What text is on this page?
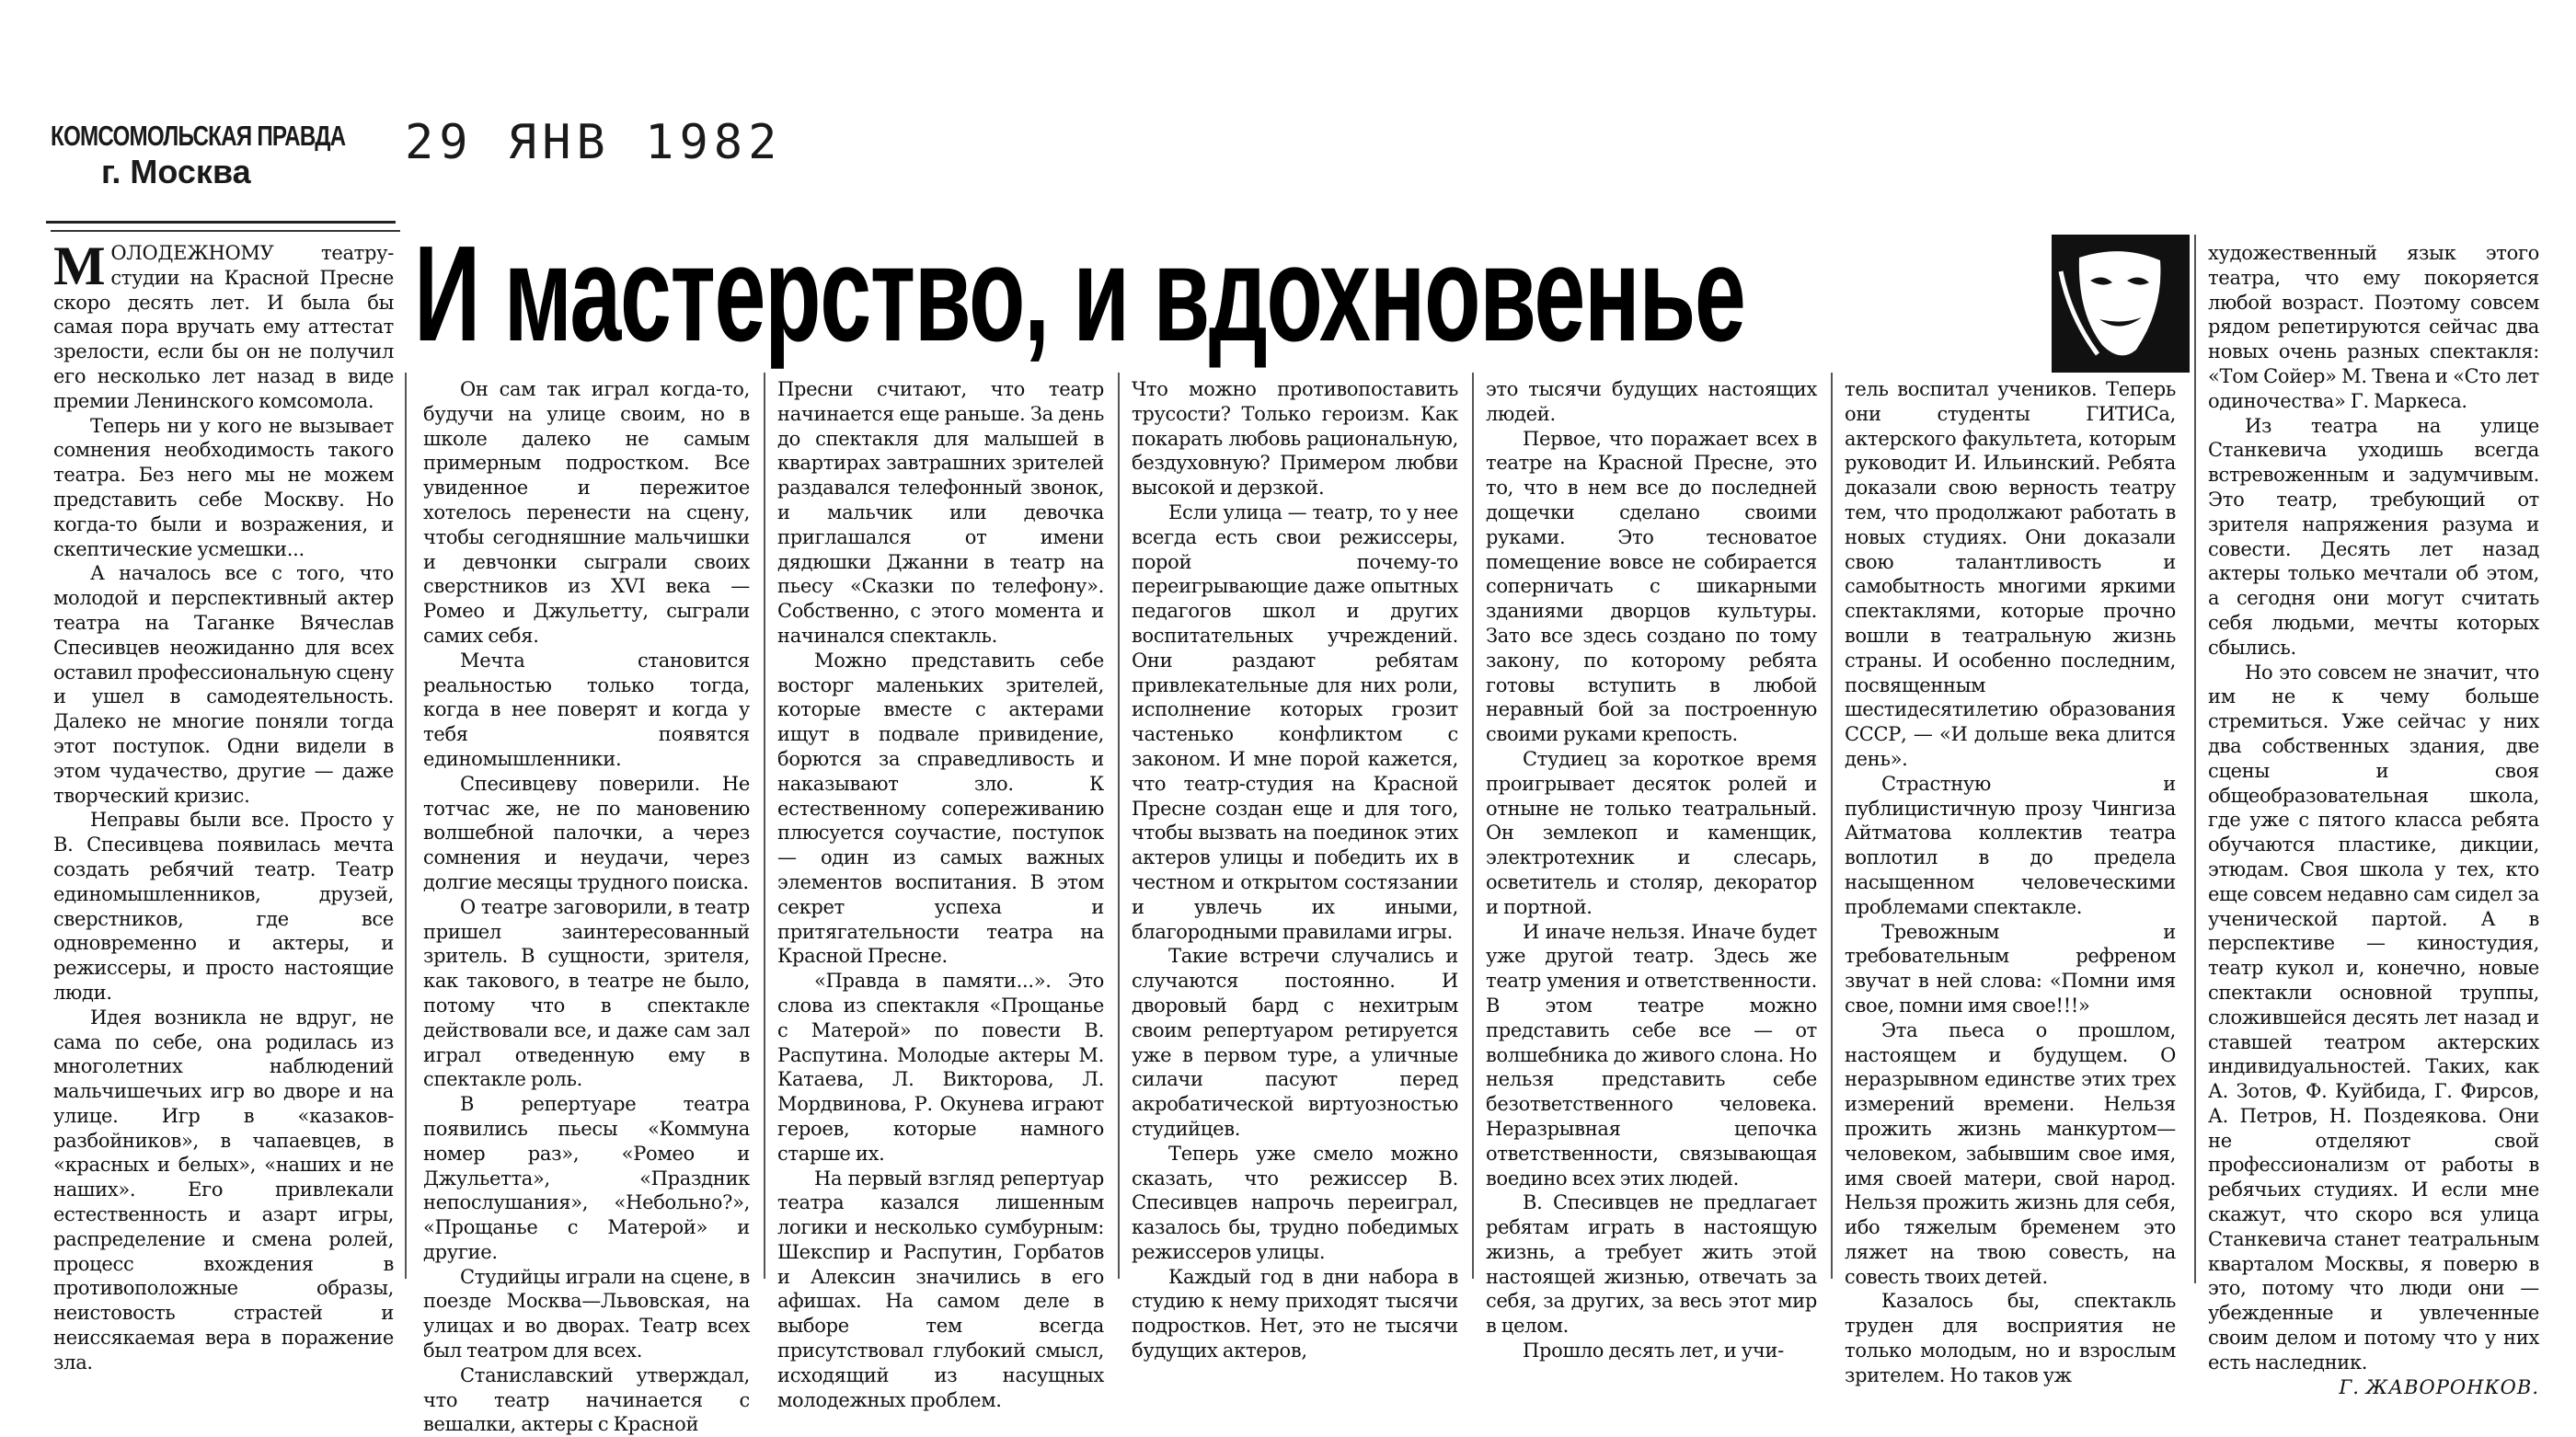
КОМСОМОЛЬСКАЯ ПРАВДА
г. Москва
29 ЯНВ 1982
И мастерство, и вдохновенье

МОЛОДЕЖНОМУ театру-студии на Красной Пресне скоро десять лет. И была бы самая пора вручать ему аттестат зрелости, если бы он не получил его несколько лет назад в виде премии Ленинского комсомола.

Теперь ни у кого не вызывает сомнения необходимость такого театра. Без него мы не можем представить себе Москву. Но когда-то были и возражения, и скептические усмешки...

А началось все с того, что молодой и перспективный актер театра на Таганке Вячеслав Спесивцев неожиданно для всех оставил профессиональную сцену и ушел в самодеятельность. Далеко не многие поняли тогда этот поступок. Одни видели в этом чудачество, другие — даже творческий кризис.

Неправы были все. Просто у В. Спесивцева появилась мечта создать ребячий театр. Театр единомышленников, друзей, сверстников, где все одновременно и актеры, и режиссеры, и просто настоящие люди.

Идея возникла не вдруг, не сама по себе, она родилась из многолетних наблюдений мальчишечьих игр во дворе и на улице. Игр в «казаков-разбойников», в чапаевцев, в «красных и белых», «наших и не наших». Его привлекали естественность и азарт игры, распределение и смена ролей, процесс вхождения в противоположные образы, неистовость страстей и неиссякаемая вера в поражение зла.

Он сам так играл когда-то, будучи на улице своим, но в школе далеко не самым примерным подростком. Все увиденное и пережитое хотелось перенести на сцену, чтобы сегодняшние мальчишки и девчонки сыграли своих сверстников из XVI века — Ромео и Джульетту, сыграли самих себя.

Мечта становится реальностью только тогда, когда в нее поверят и когда у тебя появятся единомышленники.

Спесивцеву поверили. Не тотчас же, не по мановению волшебной палочки, а через сомнения и неудачи, через долгие месяцы трудного поиска.

О театре заговорили, в театр пришел заинтересованный зритель. В сущности, зрителя, как такового, в театре не было, потому что в спектакле действовали все, и даже сам зал играл отведенную ему в спектакле роль.

В репертуаре театра появились пьесы «Коммуна номер раз», «Ромео и Джульетта», «Праздник непослушания», «Небольно?», «Прощанье с Матерой» и другие.

Студийцы играли на сцене, в поезде Москва—Львовская, на улицах и во дворах. Театр всех был театром для всех.

Станиславский утверждал, что театр начинается с вешалки, актеры с Красной

Пресни считают, что театр начинается еще раньше. За день до спектакля для малышей в квартирах завтрашних зрителей раздавался телефонный звонок, и мальчик или девочка приглашался от имени дядюшки Джанни в театр на пьесу «Сказки по телефону». Собственно, с этого момента и начинался спектакль.

Можно представить себе восторг маленьких зрителей, которые вместе с актерами ищут в подвале привидение, борются за справедливость и наказывают зло. К естественному сопереживанию плюсуется соучастие, поступок — один из самых важных элементов воспитания. В этом секрет успеха и притягательности театра на Красной Пресне.

«Правда в памяти...». Это слова из спектакля «Прощанье с Матерой» по повести В. Распутина. Молодые актеры М. Катаева, Л. Викторова, Л. Мордвинова, Р. Окунева играют героев, которые намного старше их.

На первый взгляд репертуар театра казался лишенным логики и несколько сумбурным: Шекспир и Распутин, Горбатов и Алексин значились в его афишах. На самом деле в выборе тем всегда присутствовал глубокий смысл, исходящий из насущных молодежных проблем.

Что можно противопоставить трусости? Только героизм. Как покарать любовь рациональную, бездуховную? Примером любви высокой и дерзкой.

Если улица — театр, то у нее всегда есть свои режиссеры, порой почему-то переигрывающие даже опытных педагогов школ и других воспитательных учреждений. Они раздают ребятам привлекательные для них роли, исполнение которых грозит частенько конфликтом с законом. И мне порой кажется, что театр-студия на Красной Пресне создан еще и для того, чтобы вызвать на поединок этих актеров улицы и победить их в честном и открытом состязании и увлечь их иными, благородными правилами игры.

Такие встречи случались и случаются постоянно. И дворовый бард с нехитрым своим репертуаром ретируется уже в первом туре, а уличные силачи пасуют перед акробатической виртуозностью студийцев.

Теперь уже смело можно сказать, что режиссер В. Спесивцев напрочь переиграл, казалось бы, трудно победимых режиссеров улицы.

Каждый год в дни набора в студию к нему приходят тысячи подростков. Нет, это не тысячи будущих актеров,

это тысячи будущих настоящих людей.

Первое, что поражает всех в театре на Красной Пресне, это то, что в нем все до последней дощечки сделано своими руками. Это тесноватое помещение вовсе не собирается соперничать с шикарными зданиями дворцов культуры. Зато все здесь создано по тому закону, по которому ребята готовы вступить в любой неравный бой за построенную своими руками крепость.

Студиец за короткое время проигрывает десяток ролей и отныне не только театральный. Он землекоп и каменщик, электротехник и слесарь, осветитель и столяр, декоратор и портной.

И иначе нельзя. Иначе будет уже другой театр. Здесь же театр умения и ответственности. В этом театре можно представить себе все — от волшебника до живого слона. Но нельзя представить себе безответственного человека. Неразрывная цепочка ответственности, связывающая воедино всех этих людей.

В. Спесивцев не предлагает ребятам играть в настоящую жизнь, а требует жить этой настоящей жизнью, отвечать за себя, за других, за весь этот мир в целом.

Прошло десять лет, и учи-

тель воспитал учеников. Теперь они студенты ГИТИСа, актерского факультета, которым руководит И. Ильинский. Ребята доказали свою верность театру тем, что продолжают работать в новых студиях. Они доказали свою талантливость и самобытность многими яркими спектаклями, которые прочно вошли в театральную жизнь страны. И особенно последним, посвященным шестидесятилетию образования СССР, — «И дольше века длится день».

Страстную и публицистичную прозу Чингиза Айтматова коллектив театра воплотил в до предела насыщенном человеческими проблемами спектакле.

Тревожным и требовательным рефреном звучат в ней слова: «Помни имя свое, помни имя свое!!!»

Эта пьеса о прошлом, настоящем и будущем. О неразрывном единстве этих трех измерений времени. Нельзя прожить жизнь манкуртом—человеком, забывшим свое имя, имя своей матери, свой народ. Нельзя прожить жизнь для себя, ибо тяжелым бременем это ляжет на твою совесть, на совесть твоих детей.

Казалось бы, спектакль труден для восприятия не только молодым, но и взрослым зрителем. Но таков уж

художественный язык этого театра, что ему покоряется любой возраст. Поэтому совсем рядом репетируются сейчас два новых очень разных спектакля: «Том Сойер» М. Твена и «Сто лет одиночества» Г. Маркеса.

Из театра на улице Станкевича уходишь всегда встревоженным и задумчивым. Это театр, требующий от зрителя напряжения разума и совести. Десять лет назад актеры только мечтали об этом, а сегодня они могут считать себя людьми, мечты которых сбылись.

Но это совсем не значит, что им не к чему больше стремиться. Уже сейчас у них два собственных здания, две сцены и своя общеобразовательная школа, где уже с пятого класса ребята обучаются пластике, дикции, этюдам. Своя школа у тех, кто еще совсем недавно сам сидел за ученической партой. А в перспективе — киностудия, театр кукол и, конечно, новые спектакли основной труппы, сложившейся десять лет назад и ставшей театром актерских индивидуальностей. Таких, как А. Зотов, Ф. Куйбида, Г. Фирсов, А. Петров, Н. Поздеякова. Они не отделяют свой профессионализм от работы в ребячьих студиях. И если мне скажут, что скоро вся улица Станкевича станет театральным кварталом Москвы, я поверю в это, потому что люди они — убежденные и увлеченные своим делом и потому что у них есть наследник.

Г. ЖАВОРОНКОВ.
